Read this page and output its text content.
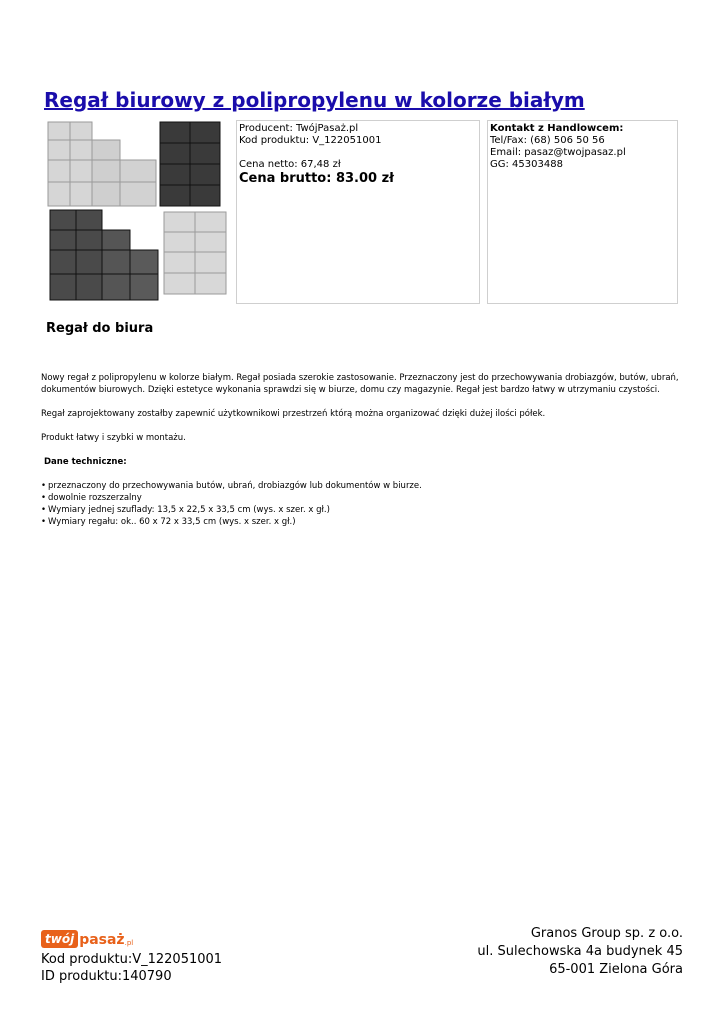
Regał biurowy z polipropylenu w kolorze białym
Producent: TwójPasaż.pl
Kod produktu: V_122051001
Cena netto: 67,48 zł
Cena brutto: 83.00 zł
Kontakt z Handlowcem:
Tel/Fax: (68) 506 50 56
Email: pasaz@twojpasaz.pl
GG: 45303488
Regał do biura

Nowy regał z polipropylenu w kolorze białym. Regał posiada szerokie zastosowanie. Przeznaczony jest do przechowywania drobiazgów, butów, ubrań, dokumentów biurowych. Dzięki estetyce wykonania sprawdzi się w biurze, domu czy magazynie. Regał jest bardzo łatwy w utrzymaniu czystości.

Regał zaprojektowany zostałby zapewnić użytkownikowi przestrzeń którą można organizować dzięki dużej ilości półek.

Produkt łatwy i szybki w montażu.

Dane techniczne:
• przeznaczony do przechowywania butów, ubrań, drobiazgów lub dokumentów w biurze.
• dowolnie rozszerzalny
• Wymiary jednej szuflady: 13,5 x 22,5 x 33,5 cm (wys. x szer. x gł.)
• Wymiary regału: ok.. 60 x 72 x 33,5 cm (wys. x szer. x gł.)
twój pasaż .pl
Kod produktu:V_122051001
ID produktu:140790
Granos Group sp. z o.o.
ul. Sulechowska 4a budynek 45
65-001 Zielona Góra
